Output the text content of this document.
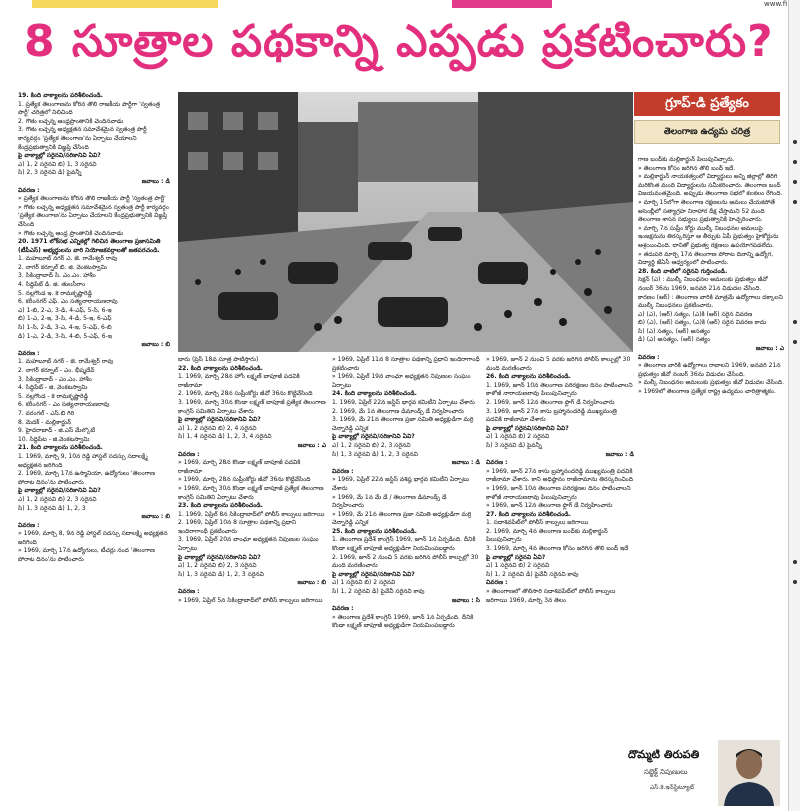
www.fi
8 సూత్రాల పథకాన్ని ఎప్పడు ప్రకటించారు?

19. కింది వాక్యాలను పరిశీలించండి.

1. ప్రత్యేక తెలంగాణను కోరిన తొలి రాజకీయ పార్టీగా 'స్వతంత్ర పార్టీ' చరిత్రలో నిలిచింది

2. గౌతు లచ్చన్న ఆంధ్రప్రాంతానికి చెందినవాడు

3. గౌతు లచ్చన్న అధ్యక్షతన సమావేశమైన స్వతంత్ర పార్టీ కార్యవర్గం 'ప్రత్యేక తెలంగాణ'ను ఏర్పాటు చేయాలని కేంద్రప్రభుత్వానికి విజ్ఞప్తి చేసింది

పై వాక్యాల్లో సరైనవి/సరికానివి ఏవి?

ఎ) 1, 2 సరైనవి బి) 1, 3 సరైనవి

సి) 2, 3 సరైనవి డి) పైవన్నీ

జవాబు : డి

వివరణ :

» ప్రత్యేక తెలంగాణను కోరిన తొలి రాజకీయ పార్టీ 'స్వతంత్ర పార్టీ'

» గౌతు లచ్చన్న అధ్యక్షతన సమావేశమైన స్వతంత్ర పార్టీ కార్యవర్గం 'ప్రత్యేక తెలంగాణ'ను ఏర్పాటు చేయాలని కేంద్రప్రభుత్వానికి విజ్ఞప్తి చేసింది

» గౌతు లచ్చన్న ఆంధ్ర ప్రాంతానికి చెందినవాడు

20. 1971 లోక్‌సభ ఎన్నికల్లో గెలిచిన తెలంగాణ ప్రజాసమితి (టీపీఎస్‌) అభ్యర్థులను వారి నియోజకవర్గాలతో జతపరచండి.

1. మహబూబ్‌ నగర్‌ ఎ. జె. రామేశ్వర్‌ రావు

2. నాగర్ కర్నూల్‌ బి. జి. వెంకటస్వామి

3. సికింద్రాబాద్‌ సి. ఎం.ఎం. హాశీం

4. సిద్దిపేట్‌ డి. జి. తులసీరాం

5. నల్లగొండ ఇ. కె రామకృష్ణారెడ్డి

6. కరీంనగర్‌ ఎఫ్‌. ఎం సత్యనారాయణరావు

ఎ) 1-బి, 2-ఎ, 3-డి, 4-ఎఫ్‌, 5-సి, 6-ఇ

బి) 1-ఎ, 2-ఇ, 3-సి, 4-డి, 5-ఇ, 6-ఎఫ్‌

సి) 1-సి, 2-డి, 3-ఎ, 4-ఇ, 5-ఎఫ్‌, 6-బి

డి) 1-ఎ, 2-డి, 3-సి, 4-బి, 5-ఎఫ్‌, 6-ఇ

జవాబు : బి

వివరణ :

1. మహబూబ్‌ నగర్‌ - జె. రామేశ్వర్‌ రావు

2. నాగర్ కర్నూల్‌ - ఎం. భీష్మదేవ్‌

3. సికింద్రాబాద్‌ - ఎం.ఎం. హాశీం

4. సిద్దిపేట్‌ - జి. వెంకటస్వామి

5. నల్లగొండ - కె రామకృష్ణారెడ్డి

6. కరీంనగర్‌ - ఎం సత్యనారాయణరావు

7. వరంగల్‌ - ఎస్‌.బి గిరి

8. మెదక్‌ - మల్లికార్జున్‌

9. హైదరాబాద్‌ - జి.ఎస్‌ మేల్కొటే

10. సిద్దిపేట - జి.వెంకటస్వామి

21. కింది వాక్యాలను పరిశీలించండి.

1. 1969, మార్చి 9, 10న రెడ్డి హాస్టల్‌ సదస్సు సదాలక్ష్మి అధ్యక్షతన జరిగింది

2. 1969, మార్చి 17న ఉస్మానియా, ఉద్యోగులు 'తెలంగాణ పోరాట దినం'ను పాటించారు

పై వాక్యాల్లో సరైనవి/సరికానివి ఏవి?

ఎ) 1, 2 సరైనవి బి) 2, 3 సరైనవి

సి) 1, 3 సరైనవి డి) 1, 2, 3

జవాబు : బి

వివరణ :

» 1969, మార్చి 8, 9న రెడ్డి హాస్టల్‌ సదస్సు సదాలక్ష్మి అధ్యక్షతన జరిగింది

» 1969, మార్చి 17న ఉద్యోగులు, టీచర్లు నంద 'తెలంగాణ పోరాట దినం'ను పాటించారు

గ్రూప్‌-డి ప్రత్యేకం
తెలంగాణ ఉద్యమ చరిత్ర

బారు (ప్రెస్‌ 18వ సూత్ర పాటిస్తారు)

22. కింది వాక్యాలను పరిశీలించండి.

1. 1969, మార్చి 28న హోం లక్ష్మణ్‌ బాపూజీ పదవికి రాజీనామా

2. 1969, మార్చి 28న సుప్రీంకోర్టు జీవో 36ను కొట్టివేసింది

3. 1969, మార్చి 30న కొండా లక్ష్మణ్‌ బాపూజీ ప్రత్యేక తెలంగాణ కాంగ్రెస్‌ సమితిని ఏర్పాటు చేశారు

పై వాక్యాల్లో సరైనవి/సరికానివి ఏవి?

ఎ) 1, 2 సరైనవి బి) 2, 4 సరైనవి

సి) 1, 4 సరైనవి డి) 1, 2, 3, 4 సరైనవి

జవాబు : ఎ

వివరణ :

» 1969, మార్చి 28న కొండా లక్ష్మణ్‌ బాపూజీ పదవికి రాజీనామా

» 1969, మార్చి 28న సుప్రీంకోర్టు జీవో 36ను కొట్టివేసింది

» 1969, మార్చి 30న కొండా లక్ష్మణ్‌ బాపూజీ ప్రత్యేక తెలంగాణ కాంగ్రెస్‌ సమితిని ఏర్పాటు చేశారు

23. కింది వాక్యాలను పరిశీలించండి.

1. 1969, ఏప్రిల్‌ 8న సికింద్రాబాద్‌లో పోలీస్‌ కాల్పులు జరిగాయి

2. 1969, ఏప్రిల్‌ 10న 8 సూత్రాల పథకాన్ని ప్రధాని ఇందిరాగాంధీ ప్రకటించారు

3. 1969, ఏప్రిల్‌ 20న వాంఛూ అధ్యక్షతన నిపుణుల సంఘం ఏర్పాటు

పై వాక్యాల్లో సరైనవి/సరికానివి ఏవి?

ఎ) 1, 2 సరైనవి బి) 2, 3 సరైనవి

సి) 1, 3 సరైనవి డి) 1, 2, 3 సరైనవి

జవాబు : బి

వివరణ :

» 1969, ఏప్రిల్‌ 5న సికింద్రాబాద్‌లో పోలీస్‌ కాల్పులు జరిగాయి

» 1969, ఏప్రిల్‌ 11న 8 సూత్రాల పథకాన్ని ప్రధాని ఇందిరాగాంధీ ప్రకటించారు

» 1969, ఏప్రిల్‌ 19న వాంఛూ అధ్యక్షతన నిపుణుల సంఘం ఏర్పాటు

24. కింది వాక్యాలను పరిశీలించండి.

1. 1969, ఏప్రిల్‌ 22న జస్టిస్‌ భార్గవ కమిటీని ఏర్పాటు చేశారు

2. 1969, మే 1న తెలంగాణ డిమాండ్స్‌ డే నిర్వహించారు

3. 1969, మే 21న తెలంగాణ ప్రజా సమితి అధ్యక్షుడిగా మర్రి చెన్నారెడ్డి ఎన్నిక

పై వాక్యాల్లో సరైనవి/సరికానివి ఏవి?

ఎ) 1, 2 సరైనవి బి) 2, 3 సరైనవి

సి) 1, 3 సరైనవి డి) 1, 2, 3 సరైనవి

జవాబు : డి

వివరణ :

» 1969, ఏప్రిల్‌ 22న జస్టిస్‌ వశిష్ఠ భార్గవ కమిటీని ఏర్పాటు చేశారు

» 1969, మే 1న మే డే / తెలంగాణ డిమాండ్స్‌ డే నిర్వహించారు

» 1969, మే 21న తెలంగాణ ప్రజా సమితి అధ్యక్షుడిగా మర్రి చెన్నారెడ్డి ఎన్నిక

25. కింది వాక్యాలను పరిశీలించండి.

1. తెలంగాణ ప్రదేశ్‌ కాంగ్రెస్‌ 1969, జూన్‌ 1న ఏర్పడింది. దీనికి కొండా లక్ష్మణ్‌ బాపూజీ అధ్యక్షుడిగా నియమింపబడ్డారు

2. 1969, జూన్‌ 2 నుంచి 5 వరకు జరిగిన పోలీస్‌ కాల్పుల్లో 30 మంది మరణించారు

పై వాక్యాల్లో సరైనవి/సరికానివి ఏవి?

ఎ) 1 సరైనవి బి) 2 సరైనవి

సి) 1, 2 సరైనవి డి) పైవేవీ సరైనవి కావు

జవాబు : సి

వివరణ :

» తెలంగాణ ప్రదేశ్‌ కాంగ్రెస్‌ 1969, జూన్‌ 1న ఏర్పడింది. దీనికి కొండా లక్ష్మణ్‌ బాపూజీ అధ్యక్షుడిగా నియమింపబడ్డారు

» 1969, జూన్‌ 2 నుంచి 5 వరకు జరిగిన పోలీస్‌ కాల్పుల్లో 30 మంది మరణించారు

26. కింది వాక్యాలను పరిశీలించండి.

1. 1969, జూన్‌ 10న తెలంగాణ పరిరక్షణల దినం పాటించాలని కాళోజీ నారాయణరావు పిలుపునిచ్చారు

2. 1969, జూన్‌ 12న తెలంగాణ ఫ్లాగ్‌ డే నిర్వహించారు

3. 1969, జూన్‌ 27న కాసు బ్రహ్మానందరెడ్డి ముఖ్యమంత్రి పదవికి రాజీనామా చేశారు

పై వాక్యాల్లో సరైనవి/సరికానివి ఏవి?

ఎ) 1 సరైనవి బి) 2 సరైనవి

సి) 3 సరైనవి డి) పైవన్నీ

జవాబు : డి

వివరణ :

» 1969, జూన్‌ 27న కాసు బ్రహ్మానందరెడ్డి ముఖ్యమంత్రి పదవికి రాజీనామా చేశారు. కాని అధిష్ఠానం రాజీనామాను తిరస్కరించింది

» 1969, జూన్‌ 10న తెలంగాణ పరిరక్షణల దినం పాటించాలని కాళోజీ నారాయణరావు పిలుపునిచ్చారు

» 1969, జూన్‌ 12న తెలంగాణ ఫ్లాగ్‌ డే నిర్వహించారు

27. కింది వాక్యాలను పరిశీలించండి.

1. సదాశివపేట్‌లో పోలీస్‌ కాల్పులు జరిగాయి

2. 1969, మార్చి 4న తెలంగాణ బంద్‌కు మల్లికార్జున్‌ పిలుపునిచ్చారు

3. 1969, మార్చి 4న తెలంగాణ కోసం జరిగిన తొలి బంద్‌ ఇదే

పై వాక్యాల్లో సరైనవి ఏవి?

ఎ) 1 సరైనవి బి) 2 సరైనవి

సి) 1, 2 సరైనవి డి) పైవేవీ సరైనవి కావు

వివరణ :

» తెలంగాణలో తొలిసారి సదాశివపేట్‌లో పోలీస్‌ కాల్పులు జరిగాయి 1969, మార్చి 3న తెలం

గాణ బంద్‌కు మల్లికార్జున్‌ పిలుపునిచ్చారు.

» తెలంగాణ కోసం జరిగిన తొలి బంద్‌ ఇదే.

» మల్లికార్జున్‌ నాయకత్వంలో విద్యార్థులు అన్ని జిల్లాల్లో తిరిగి మరికొంత మంది విద్యార్థులను సమీకరించారు. తెలంగాణ బంద్‌ విజయవంతమైంది. అప్పుడు తెలంగాణ సభలో కలకలం రేగింది.

» మార్చి 15లోగా తెలంగాణ రక్షణలను అమలు చేయకపోతే అసెంబ్లీలో సత్యాగ్రహ నిరాహార దీక్ష చేస్తామని 52 మంది తెలంగాణ శాసన సభ్యులు ప్రభుత్వానికి హెచ్చరించారు.

» మార్చి 7న సుప్రీం కోర్టు ముల్కీ నిబంధనల అమలుపై ఇంజక్షనును తిరస్కరిస్తూ ఆ తీర్పుకు ఏపీ ప్రభుత్వం హైకోర్టును ఆశ్రయించింది. దానితో ప్రభుత్వ రక్షణలు ఉపయోగపడలేదు.

» తదుపరి మార్చి 17న తెలంగాణ పోరాట దినాన్ని ఉద్యోగ, విద్యార్థి జేఏసీ ఆధ్వర్యంలో పాటించారు.

28. కింది వాటిలో సరైనవి గుర్తించండి.

సెక్షన్‌ (ఎ) : ముల్కీ నిబంధనల అమలుకు ప్రభుత్వం జీవో నంబర్‌ 36ను 1969, జనవరి 21న విడుదల చేసింది.

కారణం (ఆర్‌) : తెలంగాణ వారికి మాత్రమే ఉద్యోగాలు దక్కాలని ముల్కీ నిబంధనలు ప్రకటించారు.

ఎ) (ఎ), (ఆర్‌) సత్యం, (ఎ)కి (ఆర్‌) సరైన వివరణ

బి) (ఎ), (ఆర్‌) సత్యం, (ఎ)కి (ఆర్‌) సరైన వివరణ కాదు

సి) (ఎ) సత్యం, (ఆర్‌) అసత్యం

డి) (ఎ) అసత్యం, (ఆర్‌) సత్యం

జవాబు : ఎ

వివరణ :

» తెలంగాణ వారికి ఉద్యోగాలు రావాలని 1969, జనవరి 21న ప్రభుత్వం జీవో నంబర్‌ 36ను విడుదల చేసింది.

» మల్కీ నిబంధనల అమలుకు ప్రభుత్వం జీవో విడుదల చేసింది.

» 1969లో తెలంగాణ ప్రత్యేక రాష్ట్ర ఉద్యమం చారిత్రాత్మకం.

దొమ్మటి తిరుపతి
సబ్జెక్ట్‌ నిపుణులు
ఎస్‌.కె.ఇన్‌స్టిట్యూట్‌
